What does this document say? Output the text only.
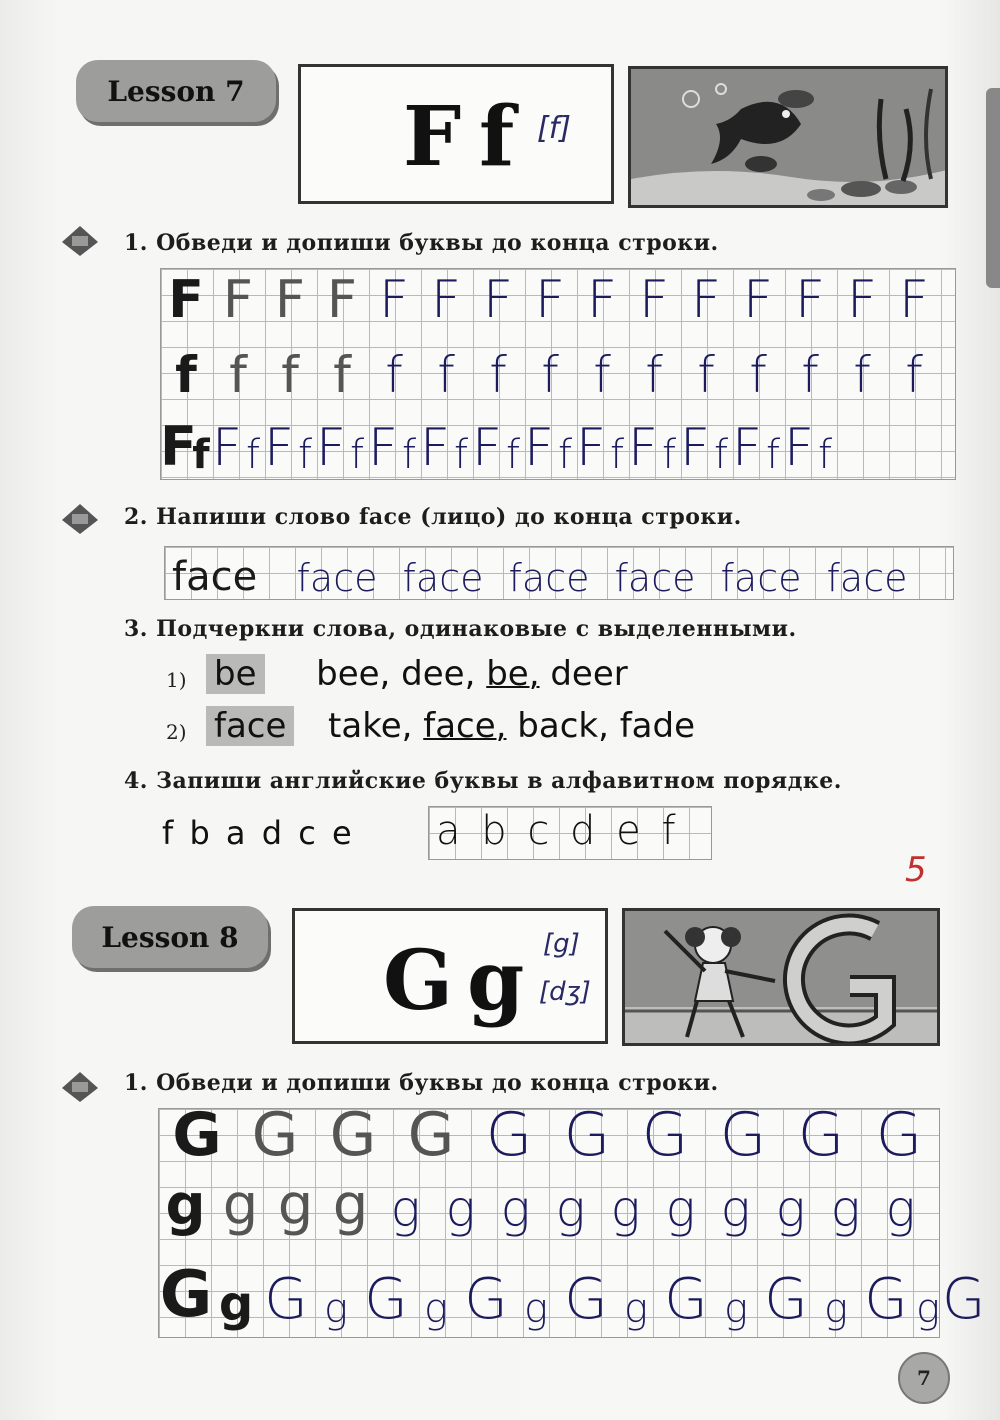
Lesson 7	F f [f]
1. Обведи и допиши буквы до конца строки.
F F F F F F F F F F F F F F F
f f f f f f f f f f f f f f f
F
f F f F f F f F f F f F f F f F f F f F f F f F f
2. Напиши слово face (лицо) до конца строки.
face	face face face face face face
3. Подчеркни слова, одинаковые с выделенными.
1) be bee, dee, be, deer
2) face take, face, back, fade
4. Запиши английские буквы в алфавитном порядке.
f b a d c e a b c d e f
5
Lesson 8	G g [g]
[dʒ]
1. Обведи и допиши буквы до конца строки.
G G G G G G G G G G
g g g g g g g g g g g g g g
G g G g G g G g G g G g G g G g G
7
